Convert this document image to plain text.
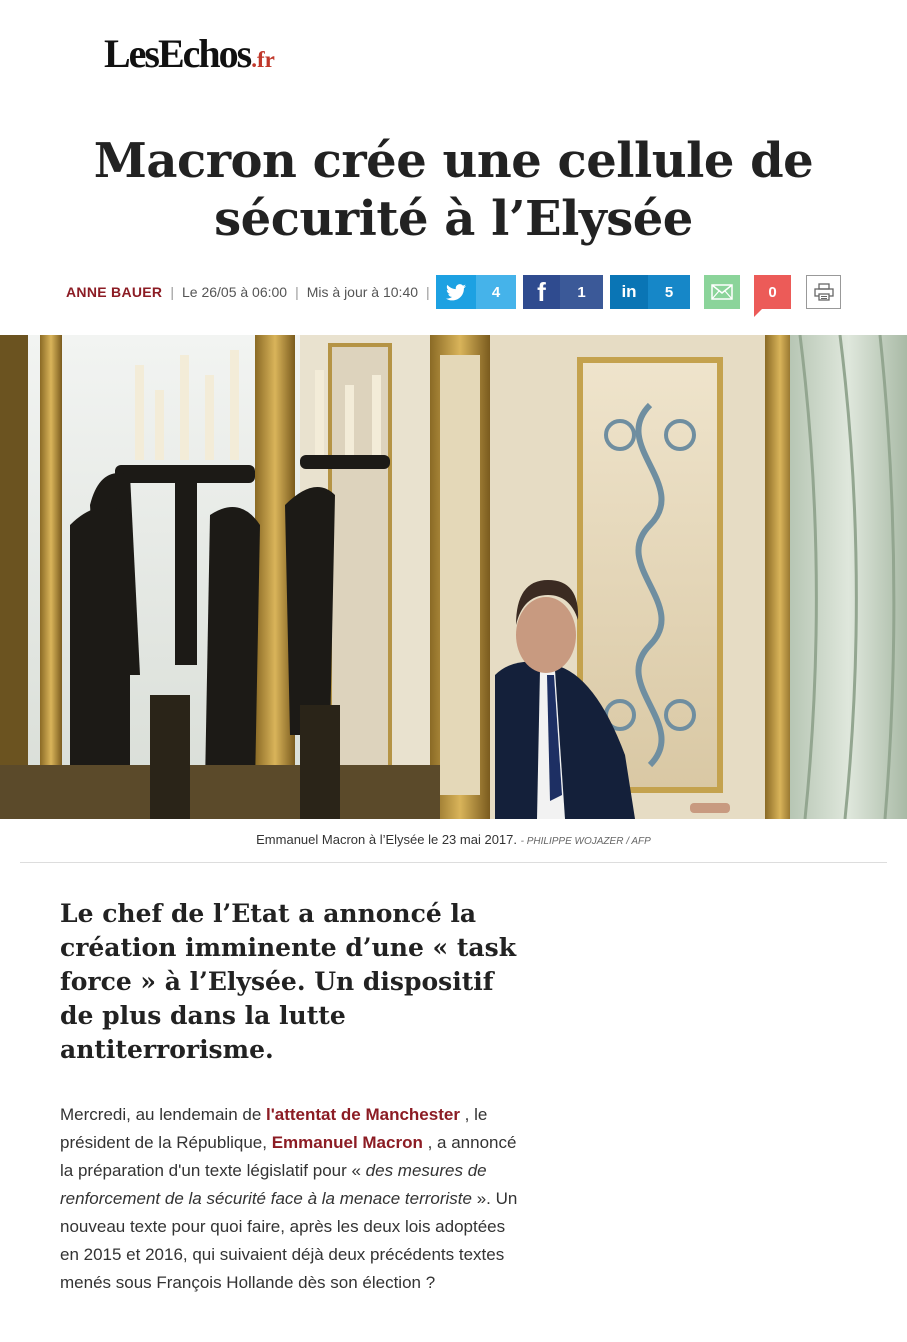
LesEchos.fr
Macron crée une cellule de sécurité à l’Elysée
ANNE BAUER | Le 26/05 à 06:00 | Mis à jour à 10:40 |	4	f	1	in	5	0
Emmanuel Macron à l’Elysée le 23 mai 2017. - PHILIPPE WOJAZER / AFP

Le chef de l’Etat a annoncé la création imminente d’une « task force » à l’Elysée. Un dispositif de plus dans la lutte antiterrorisme.

Mercredi, au lendemain de l'attentat de Manchester , le président de la République, Emmanuel Macron , a annoncé la préparation d'un texte législatif pour « des mesures de renforcement de la sécurité face à la menace terroriste ». Un nouveau texte pour quoi faire, après les deux lois adoptées en 2015 et 2016, qui suivaient déjà deux précédents textes menés sous François Hollande dès son élection ?
